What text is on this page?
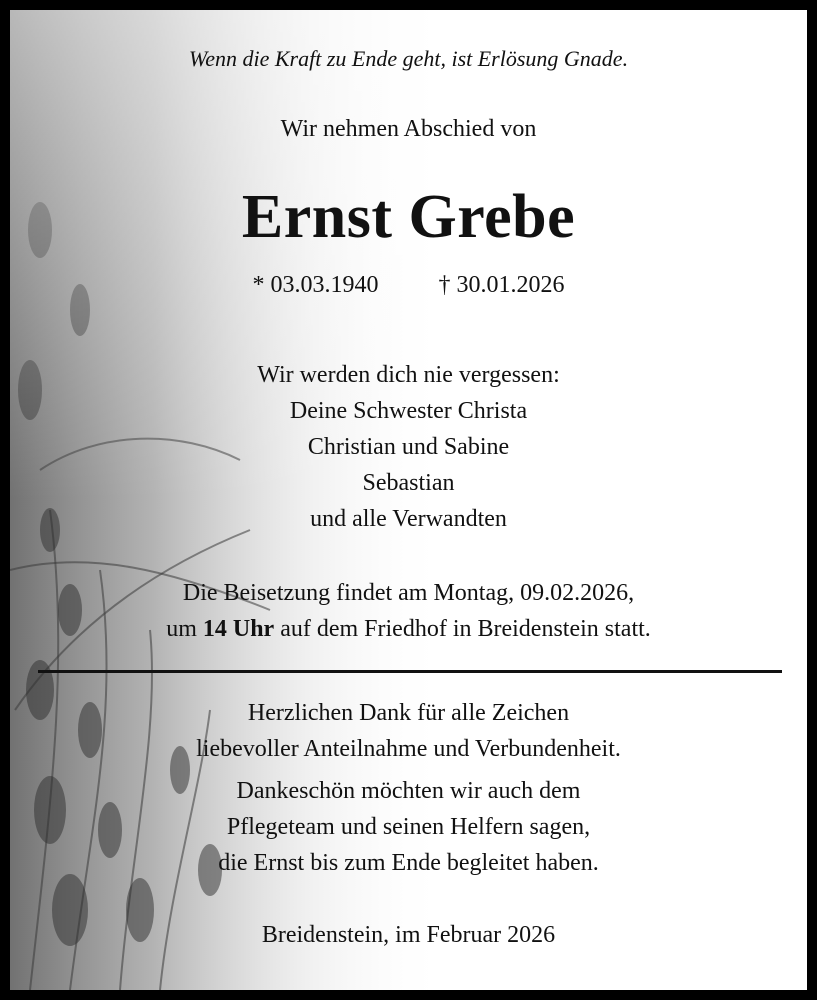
Wenn die Kraft zu Ende geht, ist Erlösung Gnade.
Wir nehmen Abschied von
Ernst Grebe
* 03.03.1940	† 30.01.2026
Wir werden dich nie vergessen:
Deine Schwester Christa
Christian und Sabine
Sebastian
und alle Verwandten
Die Beisetzung findet am Montag, 09.02.2026,
um 14 Uhr auf dem Friedhof in Breidenstein statt.
Herzlichen Dank für alle Zeichen
liebevoller Anteilnahme und Verbundenheit.
Dankeschön möchten wir auch dem
Pflegeteam und seinen Helfern sagen,
die Ernst bis zum Ende begleitet haben.
Breidenstein, im Februar 2026
